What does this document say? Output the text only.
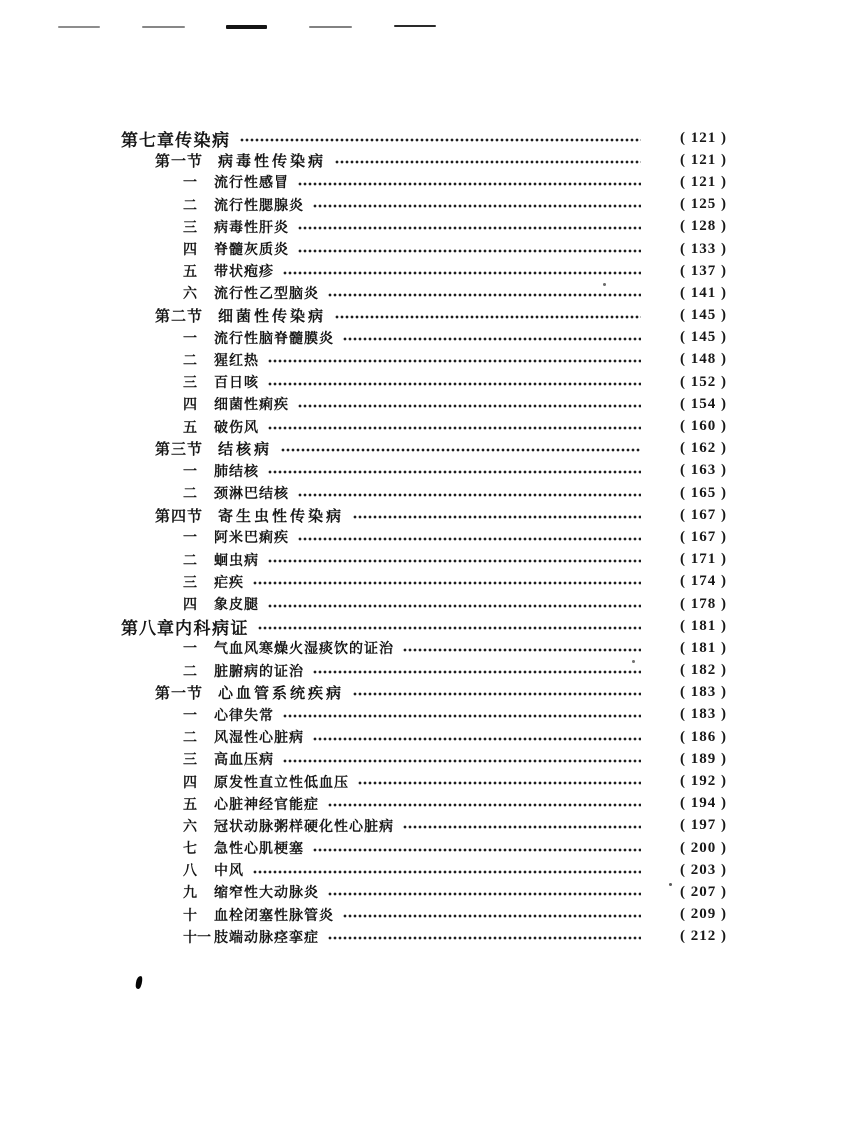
第七章 传染病	( 121 )
第一节 病毒性传染病	( 121 )
一	流行性感冒	( 121 )
二	流行性腮腺炎	( 125 )
三	病毒性肝炎	( 128 )
四	脊髓灰质炎	( 133 )
五	带状疱疹	( 137 )
六	流行性乙型脑炎	( 141 )
第二节 细菌性传染病	( 145 )
一	流行性脑脊髓膜炎	( 145 )
二	猩红热	( 148 )
三	百日咳	( 152 )
四	细菌性痢疾	( 154 )
五	破伤风	( 160 )
第三节 结核病	( 162 )
一	肺结核	( 163 )
二	颈淋巴结核	( 165 )
第四节 寄生虫性传染病	( 167 )
一	阿米巴痢疾	( 167 )
二	蛔虫病	( 171 )
三	疟疾	( 174 )
四	象皮腿	( 178 )
第八章 内科病证	( 181 )
一	气血风寒燥火湿痰饮的证治	( 181 )
二	脏腑病的证治	( 182 )
第一节 心血管系统疾病	( 183 )
一	心律失常	( 183 )
二	风湿性心脏病	( 186 )
三	高血压病	( 189 )
四	原发性直立性低血压	( 192 )
五	心脏神经官能症	( 194 )
六	冠状动脉粥样硬化性心脏病	( 197 )
七	急性心肌梗塞	( 200 )
八	中风	( 203 )
九	缩窄性大动脉炎	( 207 )
十	血栓闭塞性脉管炎	( 209 )
十一 肢端动脉痉挛症	( 212 )
